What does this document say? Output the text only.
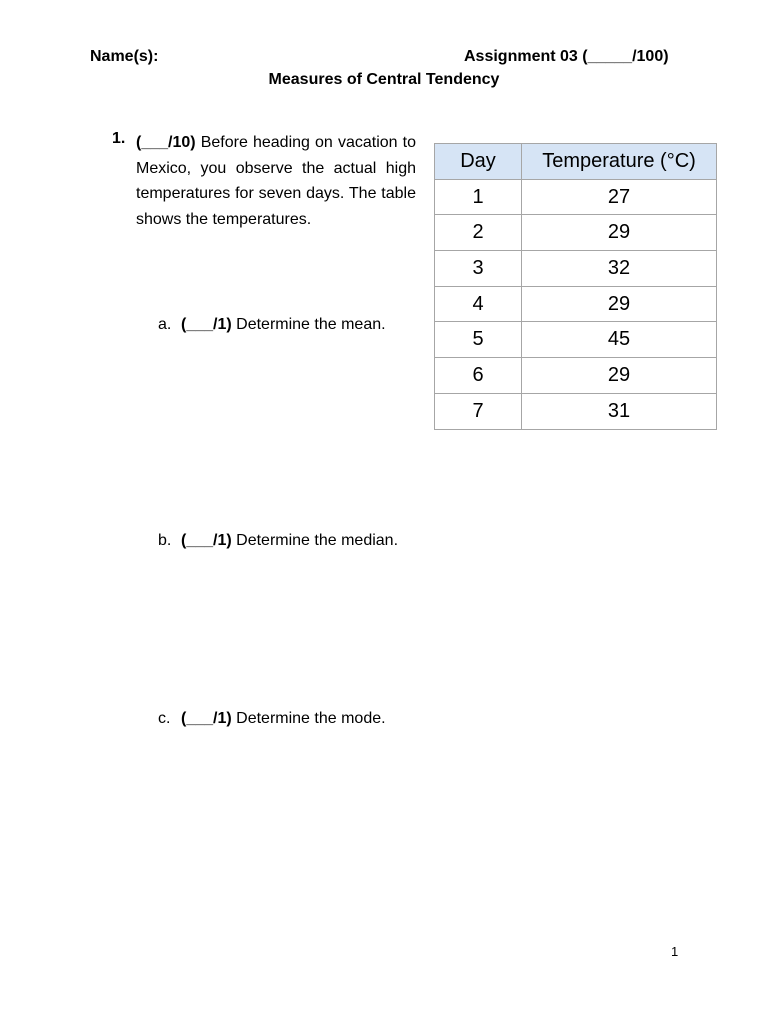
Name(s):	Assignment 03 (_____/100)
Measures of Central Tendency
1. (___/10) Before heading on vacation to Mexico, you observe the actual high temperatures for seven days. The table shows the temperatures.
a. (___/1) Determine the mean.
b. (___/1) Determine the median.
c. (___/1) Determine the mode.
Day	Temperature (°C)
1	27
2	29
3	32
4	29
5	45
6	29
7	31
1
